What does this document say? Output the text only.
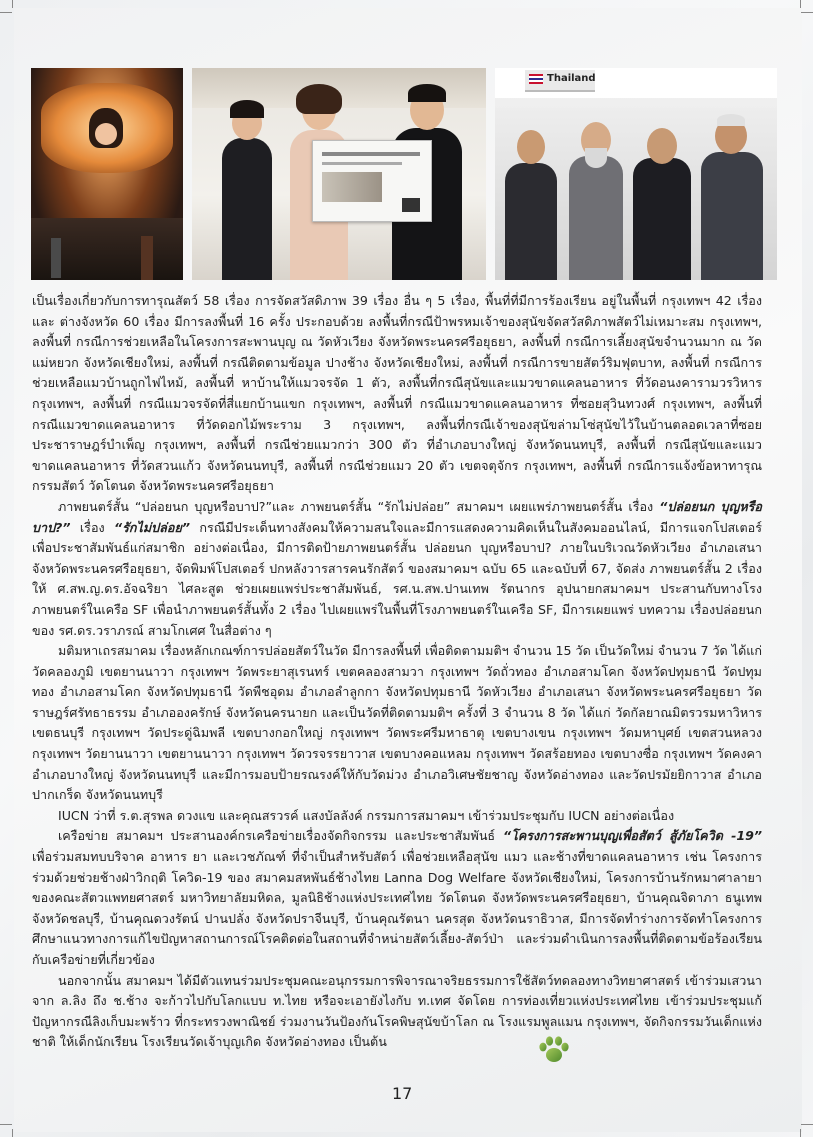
Thailand

เป็นเรื่องเกี่ยวกับการทารุณสัตว์ 58 เรื่อง การจัดสวัสดิภาพ 39 เรื่อง อื่น ๆ 5 เรื่อง, พื้นที่ที่มีการร้องเรียน อยู่ในพื้นที่ กรุงเทพฯ 42 เรื่อง และ ต่างจังหวัด 60 เรื่อง มีการลงพื้นที่ 16 ครั้ง ประกอบด้วย ลงพื้นที่กรณีป้าพรหมเจ้าของสุนัขจัดสวัสดิภาพสัตว์ไม่เหมาะสม กรุงเทพฯ, ลงพื้นที่ กรณีการช่วยเหลือในโครงการสะพานบุญ ณ วัดหัวเวียง จังหวัดพระนครศรีอยุธยา, ลงพื้นที่ กรณีการเลี้ยงสุนัขจำนวนมาก ณ วัดแม่หยวก จังหวัดเชียงใหม่, ลงพื้นที่ กรณีติดตามข้อมูล ปางช้าง จังหวัดเชียงใหม่, ลงพื้นที่ กรณีการขายสัตว์ริมฟุตบาท, ลงพื้นที่ กรณีการช่วยเหลือแมวบ้านถูกไฟไหม้, ลงพื้นที่ หาบ้านให้แมวจรจัด 1 ตัว, ลงพื้นที่กรณีสุนัขและแมวขาดแคลนอาหาร ที่วัดอนงคารามวรวิหาร กรุงเทพฯ, ลงพื้นที่ กรณีแมวจรจัดที่สี่แยกบ้านแขก กรุงเทพฯ, ลงพื้นที่ กรณีแมวขาดแคลนอาหาร ที่ซอยสุวินทวงศ์ กรุงเทพฯ, ลงพื้นที่ กรณีแมวขาดแคลนอาหาร ที่วัดดอกไม้พระราม 3 กรุงเทพฯ, ลงพื้นที่กรณีเจ้าของสุนัขล่ามโซ่สุนัขไว้ในบ้านตลอดเวลาที่ซอยประชาราษฎร์บำเพ็ญ กรุงเทพฯ, ลงพื้นที่ กรณีช่วยแมวกว่า 300 ตัว ที่อำเภอบางใหญ่ จังหวัดนนทบุรี, ลงพื้นที่ กรณีสุนัขและแมวขาดแคลนอาหาร ที่วัดสวนแก้ว จังหวัดนนทบุรี, ลงพื้นที่ กรณีช่วยแมว 20 ตัว เขตจตุจักร กรุงเทพฯ, ลงพื้นที่ กรณีการแจ้งข้อหาทารุณกรรมสัตว์ วัดโตนด จังหวัดพระนครศรีอยุธยา

ภาพยนตร์สั้น “ปล่อยนก บุญหรือบาป?”และ ภาพยนตร์สั้น “รักไม่ปล่อย” สมาคมฯ เผยแพร่ภาพยนตร์สั้น เรื่อง “ปล่อยนก บุญหรือบาป?” เรื่อง “รักไม่ปล่อย” กรณีมีประเด็นทางสังคมให้ความสนใจและมีการแสดงความคิดเห็นในสังคมออนไลน์, มีการแจกโปสเตอร์ เพื่อประชาสัมพันธ์แก่สมาชิก อย่างต่อเนื่อง, มีการติดป้ายภาพยนตร์สั้น ปล่อยนก บุญหรือบาป? ภายในบริเวณวัดหัวเวียง อำเภอเสนา จังหวัดพระนครศรีอยุธยา, จัดพิมพ์โปสเตอร์ ปกหลังวารสารคนรักสัตว์ ของสมาคมฯ ฉบับ 65 และฉบับที่ 67, จัดส่ง ภาพยนตร์สั้น 2 เรื่อง ให้ ศ.สพ.ญ.ดร.อัจฉริยา ไศละสูต ช่วยเผยแพร่ประชาสัมพันธ์, รศ.น.สพ.ปานเทพ รัตนากร อุปนายกสมาคมฯ ประสานกับทางโรงภาพยนตร์ในเครือ SF เพื่อนำภาพยนตร์สั้นทั้ง 2 เรื่อง ไปเผยแพร่ในพื้นที่โรงภาพยนตร์ในเครือ SF, มีการเผยแพร่ บทความ เรื่องปล่อยนก ของ รศ.ดร.วราภรณ์ สามโกเศศ ในสื่อต่าง ๆ

มติมหาเถรสมาคม เรื่องหลักเกณฑ์การปล่อยสัตว์ในวัด มีการลงพื้นที่ เพื่อติดตามมติฯ จำนวน 15 วัด เป็นวัดใหม่ จำนวน 7 วัด ได้แก่ วัดคลองภูมิ เขตยานนาวา กรุงเทพฯ วัดพระยาสุเรนทร์ เขตคลองสามวา กรุงเทพฯ วัดถั่วทอง อำเภอสามโคก จังหวัดปทุมธานี วัดปทุมทอง อำเภอสามโคก จังหวัดปทุมธานี วัดพืชอุดม อำเภอลำลูกกา จังหวัดปทุมธานี วัดหัวเวียง อำเภอเสนา จังหวัดพระนครศรีอยุธยา วัดราษฎร์ศรัทธาธรรม อำเภอองครักษ์ จังหวัดนครนายก และเป็นวัดที่ติดตามมติฯ ครั้งที่ 3 จำนวน 8 วัด ได้แก่ วัดกัลยาณมิตรวรมหาวิหาร เขตธนบุรี กรุงเทพฯ วัดประดู่ฉิมพลี เขตบางกอกใหญ่ กรุงเทพฯ วัดพระศรีมหาธาตุ เขตบางเขน กรุงเทพฯ วัดมหาบุศย์ เขตสวนหลวง กรุงเทพฯ วัดยานนาวา เขตยานนาวา กรุงเทพฯ วัดวรจรรยาวาส เขตบางคอแหลม กรุงเทพฯ วัดสร้อยทอง เขตบางซื่อ กรุงเทพฯ วัดคงคา อำเภอบางใหญ่ จังหวัดนนทบุรี และมีการมอบป้ายรณรงค์ให้กับวัดม่วง อำเภอวิเศษชัยชาญ จังหวัดอ่างทอง และวัดปรมัยยิกาวาส อำเภอปากเกร็ด จังหวัดนนทบุรี

IUCN ว่าที่ ร.ต.สุรพล ดวงแข และคุณสรวรค์ แสงบัลลังค์ กรรมการสมาคมฯ เข้าร่วมประชุมกับ IUCN อย่างต่อเนื่อง

เครือข่าย สมาคมฯ ประสานองค์กรเครือข่ายเรื่องจัดกิจกรรม และประชาสัมพันธ์ “โครงการสะพานบุญเพื่อสัตว์ สู้ภัยโควิด -19” เพื่อร่วมสมทบบริจาค อาหาร ยา และเวชภัณฑ์ ที่จำเป็นสำหรับสัตว์ เพื่อช่วยเหลือสุนัข แมว และช้างที่ขาดแคลนอาหาร เช่น โครงการร่วมด้วยช่วยช้างฝ่าวิกฤติ โควิด-19 ของ สมาคมสหพันธ์ช้างไทย Lanna Dog Welfare จังหวัดเชียงใหม่, โครงการบ้านรักหมาศาลายาของคณะสัตวแพทยศาสตร์ มหาวิทยาลัยมหิดล, มูลนิธิช้างแห่งประเทศไทย วัดโตนด จังหวัดพระนครศรีอยุธยา, บ้านคุณจิดาภา ธนูเทพ จังหวัดชลบุรี, บ้านคุณดวงรัตน์ ปานปลั่ง จังหวัดปราจีนบุรี, บ้านคุณรัตนา นครสุต จังหวัดนราธิวาส, มีการจัดทำร่างการจัดทำโครงการ ศึกษาแนวทางการแก้ไขปัญหาสถานการณ์โรคติดต่อในสถานที่จำหน่ายสัตว์เลี้ยง-สัตว์ป่า และร่วมดำเนินการลงพื้นที่ติดตามข้อร้องเรียนกับเครือข่ายที่เกี่ยวข้อง

นอกจากนั้น สมาคมฯ ได้มีตัวแทนร่วมประชุมคณะอนุกรรมการพิจารณาจริยธรรมการใช้สัตว์ทดลองทางวิทยาศาสตร์ เข้าร่วมเสวนา จาก ล.ลิง ถึง ช.ช้าง จะก้าวไปกับโลกแบบ ท.ไทย หรือจะเอายังไงกับ ท.เทศ จัดโดย การท่องเที่ยวแห่งประเทศไทย เข้าร่วมประชุมแก้ปัญหากรณีลิงเก็บมะพร้าว ที่กระทรวงพาณิชย์ ร่วมงานวันป้องกันโรคพิษสุนัขบ้าโลก ณ โรงแรมพูลแมน กรุงเทพฯ, จัดกิจกรรมวันเด็กแห่งชาติ ให้เด็กนักเรียน โรงเรียนวัดเจ้าบุญเกิด จังหวัดอ่างทอง เป็นต้น

17
